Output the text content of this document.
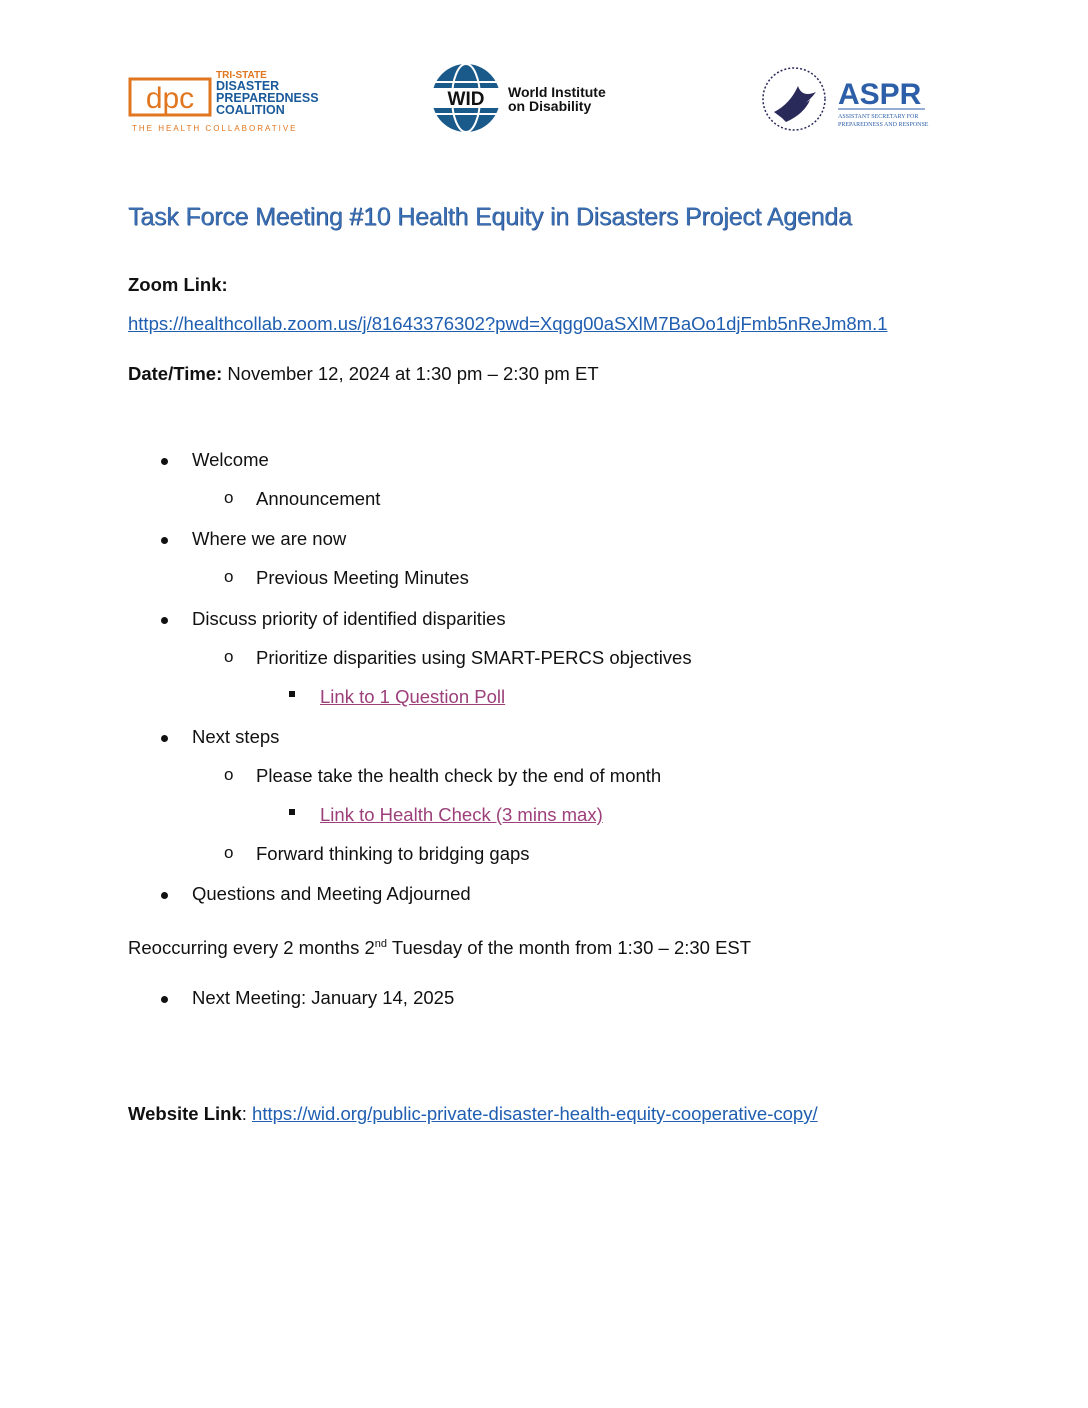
dpc
TRI-STATE
DISASTER
PREPAREDNESS
COALITION
THE HEALTH COLLABORATIVE
WID World Institute
on Disability	ASPR
ASSISTANT SECRETARY FOR
PREPAREDNESS AND RESPONSE
Task Force Meeting #10 Health Equity in Disasters Project Agenda
Zoom Link:
https://healthcollab.zoom.us/j/81643376302?pwd=Xqgg00aSXlM7BaOo1djFmb5nReJm8m.1
Date/Time: November 12, 2024 at 1:30 pm – 2:30 pm ET
Welcome
o Announcement
Where we are now
o Previous Meeting Minutes
Discuss priority of identified disparities
o Prioritize disparities using SMART-PERCS objectives
Link to 1 Question Poll
Next steps
o Please take the health check by the end of month
Link to Health Check (3 mins max)
o Forward thinking to bridging gaps
Questions and Meeting Adjourned
Reoccurring every 2 months 2nd Tuesday of the month from 1:30 – 2:30 EST
Next Meeting: January 14, 2025
Website Link: https://wid.org/public-private-disaster-health-equity-cooperative-copy/
